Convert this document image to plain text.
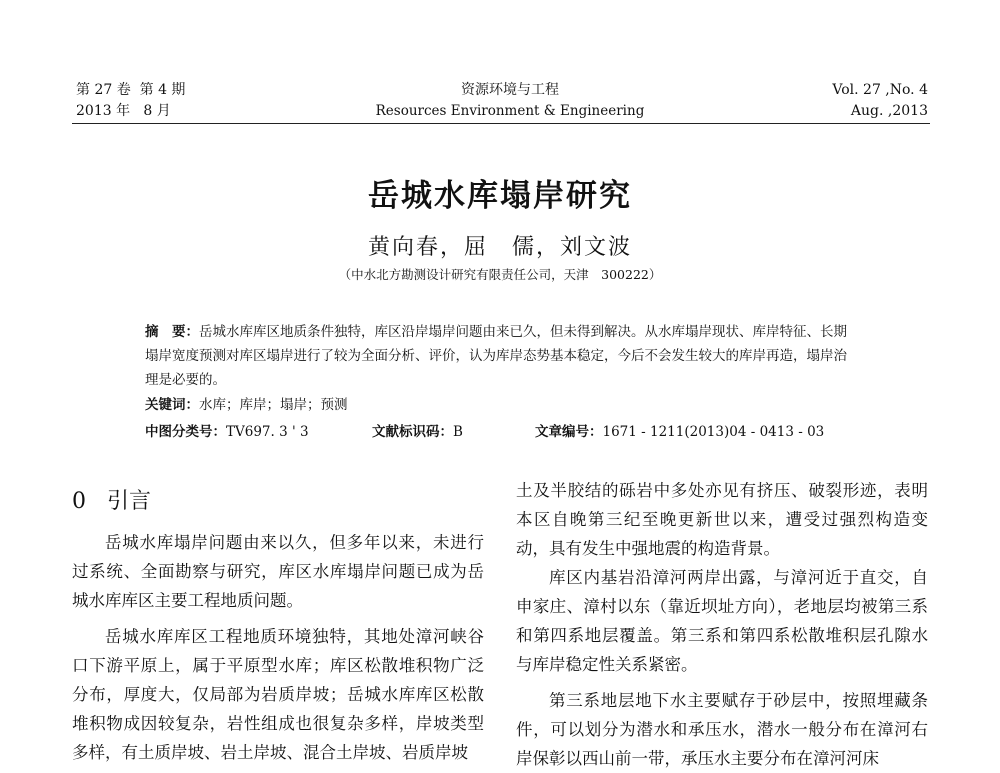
第 27 卷  第 4 期
2013 年   8 月
资源环境与工程
Resources Environment & Engineering
Vol. 27 ,No. 4
Aug. ,2013
岳城水库塌岸研究
黄向春，屈　儒，刘文波
（中水北方勘测设计研究有限责任公司，天津　300222）
摘　要：岳城水库库区地质条件独特，库区沿岸塌岸问题由来已久，但未得到解决。从水库塌岸现状、库岸特征、长期塌岸宽度预测对库区塌岸进行了较为全面分析、评价，认为库岸态势基本稳定，今后不会发生较大的库岸再造，塌岸治理是必要的。
关键词：水库；库岸；塌岸；预测
中图分类号：TV697. 3 ' 3	文献标识码：B	文章编号：1671 - 1211(2013)04 - 0413 - 03
0 引言

岳城水库塌岸问题由来以久，但多年以来，未进行过系统、全面勘察与研究，库区水库塌岸问题已成为岳城水库库区主要工程地质问题。

岳城水库库区工程地质环境独特，其地处漳河峡谷口下游平原上，属于平原型水库；库区松散堆积物广泛分布，厚度大，仅局部为岩质岸坡；岳城水库库区松散堆积物成因较复杂，岩性组成也很复杂多样，岸坡类型多样，有土质岸坡、岩土岸坡、混合土岸坡、岩质岸坡

土及半胶结的砾岩中多处亦见有挤压、破裂形迹，表明本区自晚第三纪至晚更新世以来，遭受过强烈构造变动，具有发生中强地震的构造背景。

库区内基岩沿漳河两岸出露，与漳河近于直交，自申家庄、漳村以东（靠近坝址方向），老地层均被第三系和第四系地层覆盖。第三系和第四系松散堆积层孔隙水与库岸稳定性关系紧密。

第三系地层地下水主要赋存于砂层中，按照埋藏条件，可以划分为潜水和承压水，潜水一般分布在漳河右岸保彰以西山前一带，承压水主要分布在漳河河床
